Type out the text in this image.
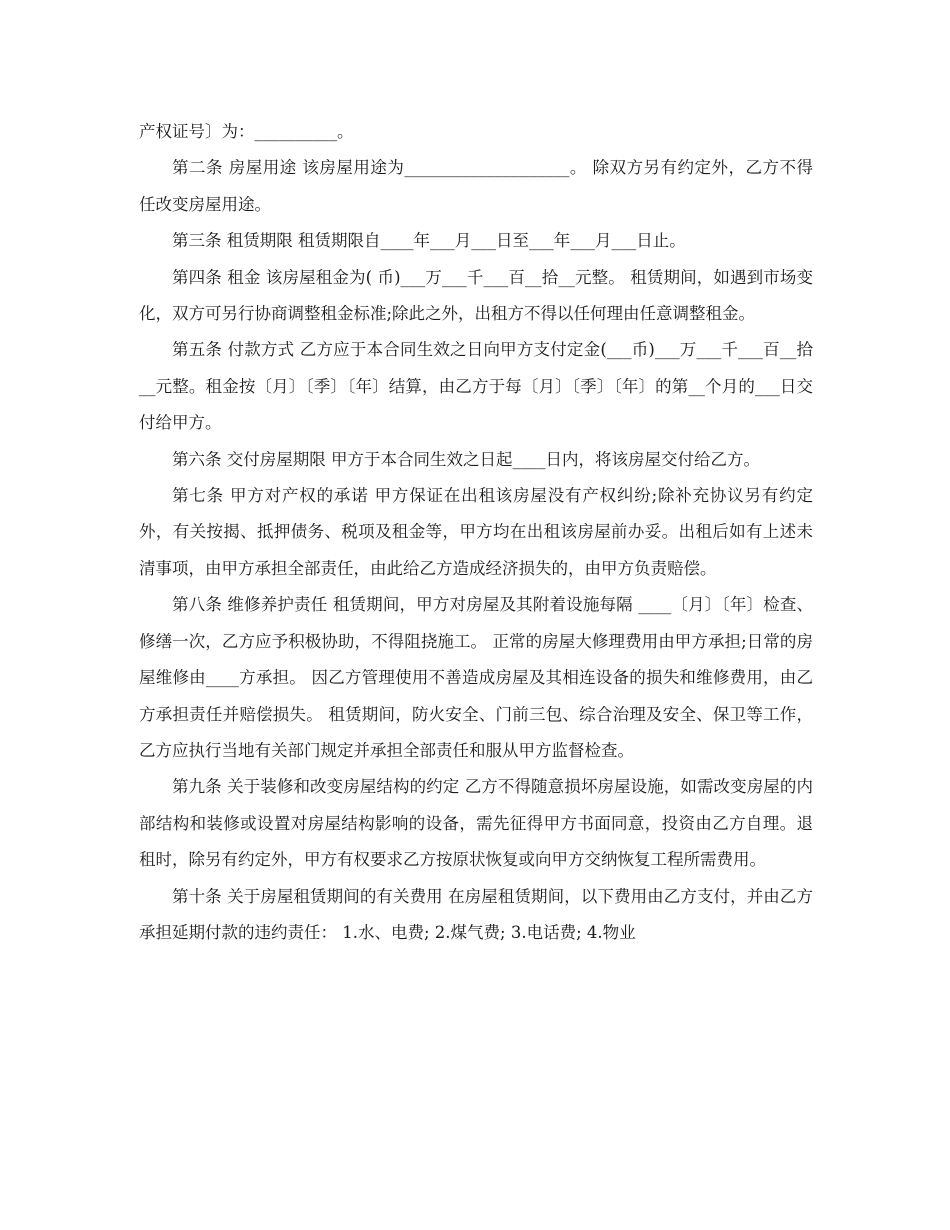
产权证号〕为：__________。

第二条 房屋用途 该房屋用途为____________________。 除双方另有约定外，乙方不得任改变房屋用途。

第三条 租赁期限 租赁期限自____年___月___日至___年___月___日止。

第四条 租金 该房屋租金为( 币)___万___千___百__拾__元整。 租赁期间，如遇到市场变化，双方可另行协商调整租金标准;除此之外，出租方不得以任何理由任意调整租金。

第五条 付款方式 乙方应于本合同生效之日向甲方支付定金(___币)___万___千___百__拾 __元整。租金按〔月〕〔季〕〔年〕结算，由乙方于每〔月〕〔季〕〔年〕的第__个月的___日交付给甲方。

第六条 交付房屋期限 甲方于本合同生效之日起____日内，将该房屋交付给乙方。

第七条 甲方对产权的承诺 甲方保证在出租该房屋没有产权纠纷;除补充协议另有约定外，有关按揭、抵押债务、税项及租金等，甲方均在出租该房屋前办妥。出租后如有上述未清事项，由甲方承担全部责任，由此给乙方造成经济损失的，由甲方负责赔偿。

第八条 维修养护责任 租赁期间，甲方对房屋及其附着设施每隔 ____〔月〕〔年〕检查、修缮一次，乙方应予积极协助，不得阻挠施工。 正常的房屋大修理费用由甲方承担;日常的房屋维修由____方承担。 因乙方管理使用不善造成房屋及其相连设备的损失和维修费用，由乙方承担责任并赔偿损失。 租赁期间，防火安全、门前三包、综合治理及安全、保卫等工作，乙方应执行当地有关部门规定并承担全部责任和服从甲方监督检查。

第九条 关于装修和改变房屋结构的约定 乙方不得随意损坏房屋设施，如需改变房屋的内部结构和装修或设置对房屋结构影响的设备，需先征得甲方书面同意，投资由乙方自理。退租时，除另有约定外，甲方有权要求乙方按原状恢复或向甲方交纳恢复工程所需费用。

第十条 关于房屋租赁期间的有关费用 在房屋租赁期间，以下费用由乙方支付，并由乙方承担延期付款的违约责任： 1.水、电费; 2.煤气费; 3.电话费; 4.物业
